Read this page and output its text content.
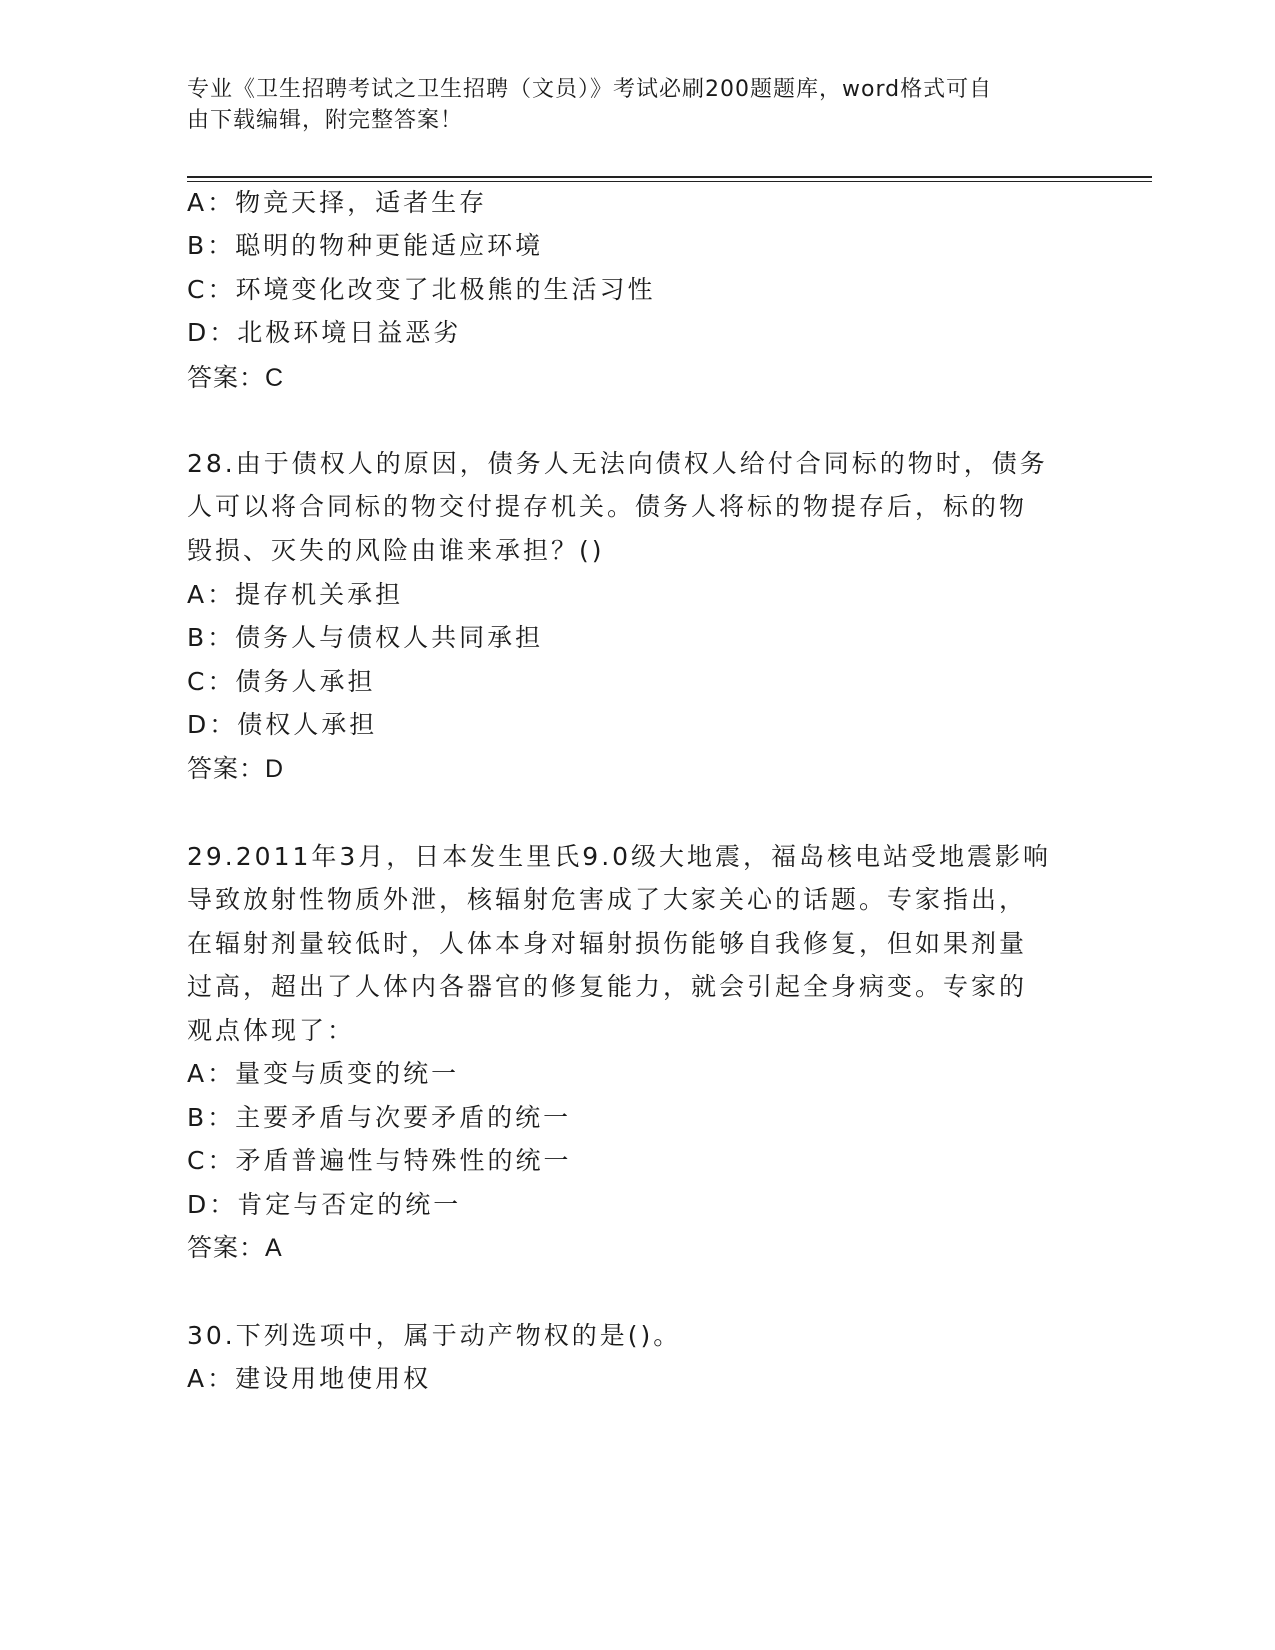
专业《卫生招聘考试之卫生招聘（文员）》考试必刷200题题库，word格式可自
由下载编辑，附完整答案！
A：物竞天择，适者生存
B：聪明的物种更能适应环境
C：环境变化改变了北极熊的生活习性
D：北极环境日益恶劣
答案：C
28.由于债权人的原因，债务人无法向债权人给付合同标的物时，债务
人可以将合同标的物交付提存机关。债务人将标的物提存后，标的物
毁损、灭失的风险由谁来承担？()
A：提存机关承担
B：债务人与债权人共同承担
C：债务人承担
D：债权人承担
答案：D
29.2011年3月，日本发生里氏9.0级大地震，福岛核电站受地震影响
导致放射性物质外泄，核辐射危害成了大家关心的话题。专家指出，
在辐射剂量较低时，人体本身对辐射损伤能够自我修复，但如果剂量
过高，超出了人体内各器官的修复能力，就会引起全身病变。专家的
观点体现了：
A：量变与质变的统一
B：主要矛盾与次要矛盾的统一
C：矛盾普遍性与特殊性的统一
D：肯定与否定的统一
答案：A
30.下列选项中，属于动产物权的是()。
A：建设用地使用权
